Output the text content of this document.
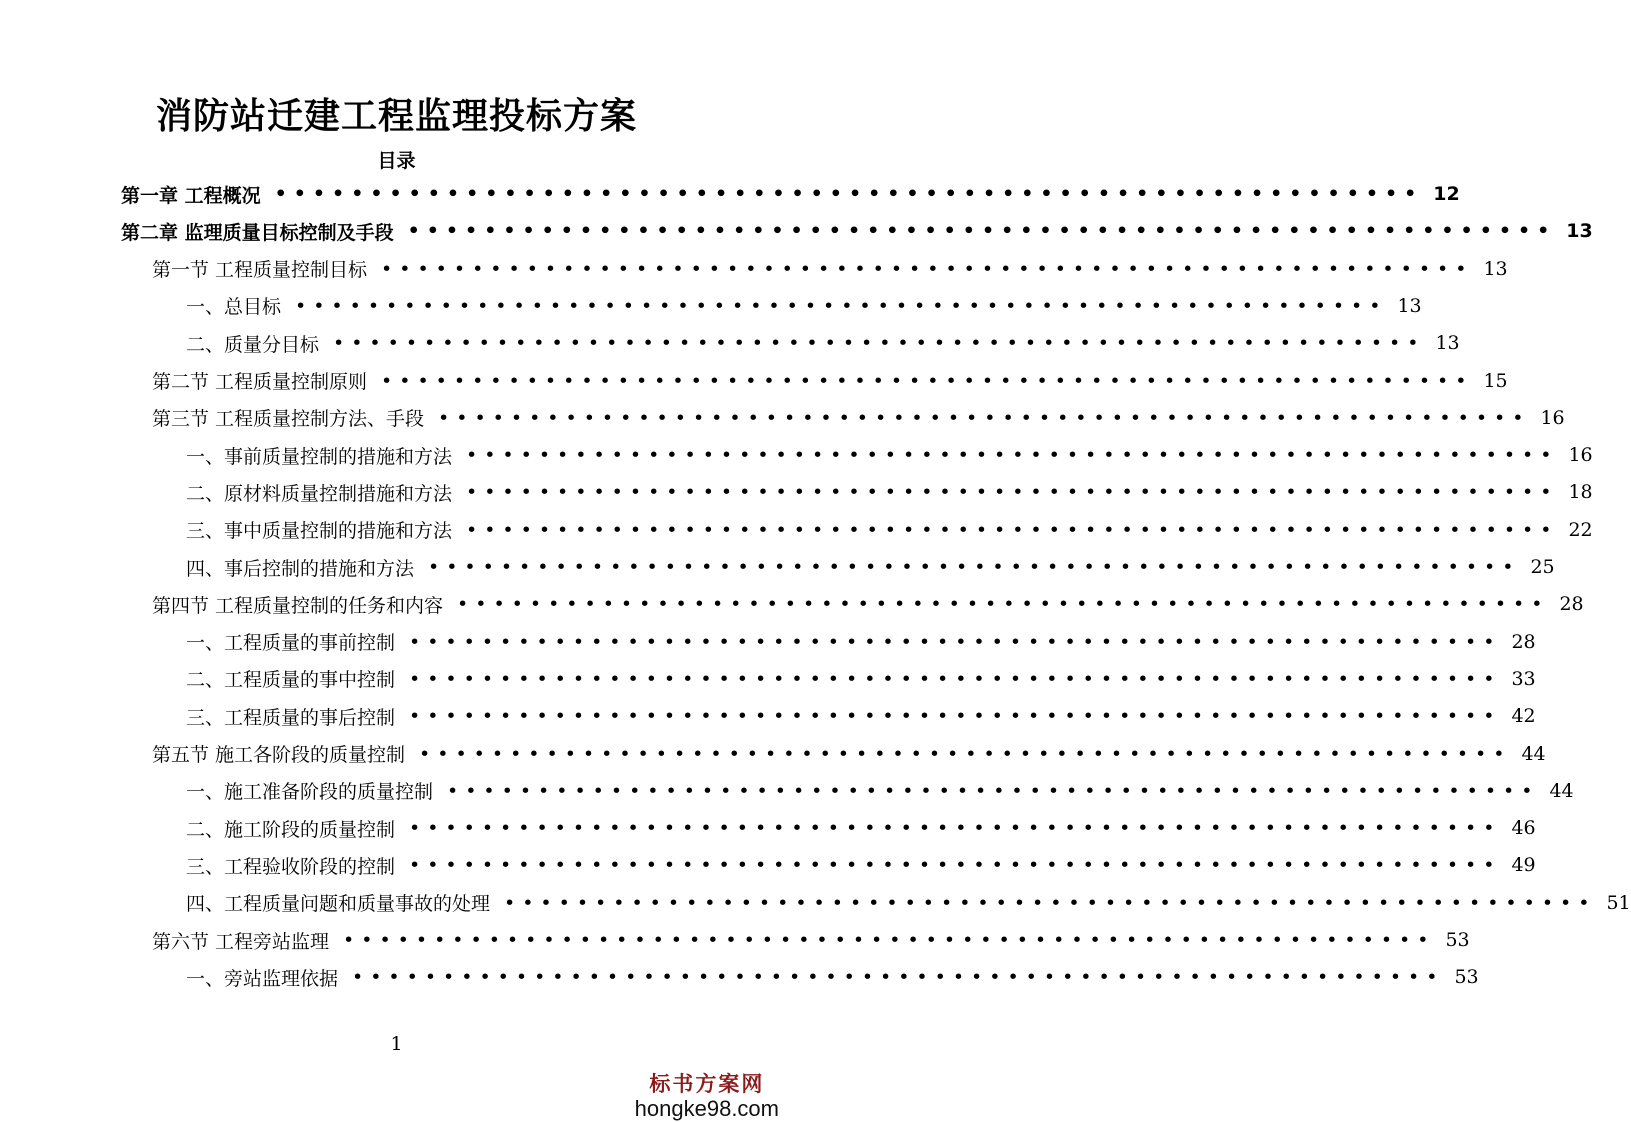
消防站迁建工程监理投标方案
目录
第一章 工程概况 •••••••••••••••••••••••••••••••••••••••••••••••••••••••••••• 12
第二章 监理质量目标控制及手段 •••••••••••••••••••••••••••••••••••••••••••••••••••••••••••• 13
第一节 工程质量控制目标 •••••••••••••••••••••••••••••••••••••••••••••••••••••••••••• 13
一、总目标 •••••••••••••••••••••••••••••••••••••••••••••••••••••••••••• 13
二、质量分目标 •••••••••••••••••••••••••••••••••••••••••••••••••••••••••••• 13
第二节 工程质量控制原则 •••••••••••••••••••••••••••••••••••••••••••••••••••••••••••• 15
第三节 工程质量控制方法、手段 •••••••••••••••••••••••••••••••••••••••••••••••••••••••••••• 16
一、事前质量控制的措施和方法 •••••••••••••••••••••••••••••••••••••••••••••••••••••••••••• 16
二、原材料质量控制措施和方法 •••••••••••••••••••••••••••••••••••••••••••••••••••••••••••• 18
三、事中质量控制的措施和方法 •••••••••••••••••••••••••••••••••••••••••••••••••••••••••••• 22
四、事后控制的措施和方法 •••••••••••••••••••••••••••••••••••••••••••••••••••••••••••• 25
第四节 工程质量控制的任务和内容 •••••••••••••••••••••••••••••••••••••••••••••••••••••••••••• 28
一、工程质量的事前控制 •••••••••••••••••••••••••••••••••••••••••••••••••••••••••••• 28
二、工程质量的事中控制 •••••••••••••••••••••••••••••••••••••••••••••••••••••••••••• 33
三、工程质量的事后控制 •••••••••••••••••••••••••••••••••••••••••••••••••••••••••••• 42
第五节 施工各阶段的质量控制 •••••••••••••••••••••••••••••••••••••••••••••••••••••••••••• 44
一、施工准备阶段的质量控制 •••••••••••••••••••••••••••••••••••••••••••••••••••••••••••• 44
二、施工阶段的质量控制 •••••••••••••••••••••••••••••••••••••••••••••••••••••••••••• 46
三、工程验收阶段的控制 •••••••••••••••••••••••••••••••••••••••••••••••••••••••••••• 49
四、工程质量问题和质量事故的处理 •••••••••••••••••••••••••••••••••••••••••••••••••••••••••••• 51
第六节 工程旁站监理 •••••••••••••••••••••••••••••••••••••••••••••••••••••••••••• 53
一、旁站监理依据 •••••••••••••••••••••••••••••••••••••••••••••••••••••••••••• 53
1
标书方案网
hongke98.com
